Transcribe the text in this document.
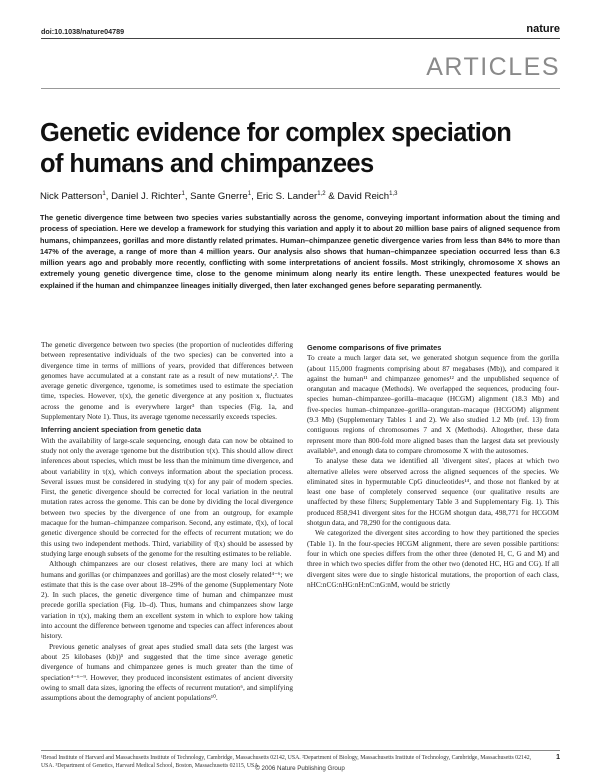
doi:10.1038/nature04789	nature
ARTICLES
Genetic evidence for complex speciation of humans and chimpanzees
Nick Patterson$^1$, Daniel J. Richter$^1$, Sante Gnerre$^1$, Eric S. Lander$^{1,2}$ & David Reich$^{1,3}$
The genetic divergence time between two species varies substantially across the genome, conveying important information about the timing and process of speciation. Here we develop a framework for studying this variation and apply it to about 20 million base pairs of aligned sequence from humans, chimpanzees, gorillas and more distantly related primates. Human–chimpanzee genetic divergence varies from less than 84% to more than 147% of the average, a range of more than 4 million years. Our analysis also shows that human–chimpanzee speciation occurred less than 6.3 million years ago and probably more recently, conflicting with some interpretations of ancient fossils. Most strikingly, chromosome X shows an extremely young genetic divergence time, close to the genome minimum along nearly its entire length. These unexpected features would be explained if the human and chimpanzee lineages initially diverged, then later exchanged genes before separating permanently.

The genetic divergence between two species (the proportion of nucleotides differing between representative individuals of the two species) can be converted into a divergence time in terms of millions of years, provided that differences between genomes have accumulated at a constant rate as a result of new mutations¹,². The average genetic divergence, τgenome, is sometimes used to estimate the speciation time, τspecies. However, τ(x), the genetic divergence at any position x, fluctuates across the genome and is everywhere larger³ than τspecies (Fig. 1a, and Supplementary Note 1). Thus, its average τgenome necessarily exceeds τspecies.

Inferring ancient speciation from genetic data

With the availability of large-scale sequencing, enough data can now be obtained to study not only the average τgenome but the distribution τ(x). This should allow direct inferences about τspecies, which must be less than the minimum time divergence, and about variability in τ(x), which conveys information about the speciation process. Several issues must be considered in studying τ(x) for any pair of modern species. First, the genetic divergence should be corrected for local variation in the neutral mutation rates across the genome. This can be done by dividing the local divergence between two species by the divergence of one from an outgroup, for example macaque for the human–chimpanzee comparison. Second, any estimate, τ̂(x), of local genetic divergence should be corrected for the effects of recurrent mutation; we do this using two independent methods. Third, variability of τ̂(x) should be assessed by studying large enough subsets of the genome for the resulting estimates to be reliable.

Although chimpanzees are our closest relatives, there are many loci at which humans and gorillas (or chimpanzees and gorillas) are the most closely related⁴⁻⁶; we estimate that this is the case over about 18–29% of the genome (Supplementary Note 2). In such places, the genetic divergence time of human and chimpanzee must precede gorilla speciation (Fig. 1b–d). Thus, humans and chimpanzees show large variation in τ(x), making them an excellent system in which to explore how taking into account the difference between τgenome and τspecies can affect inferences about history.

Previous genetic analyses of great apes studied small data sets (the largest was about 25 kilobases (kb))⁵ and suggested that the time since average genetic divergence of humans and chimpanzee genes is much greater than the time of speciation⁴⁻⁶⁻⁹. However, they produced inconsistent estimates of ancient diversity owing to small data sizes, ignoring the effects of recurrent mutation⁶, and simplifying assumptions about the demography of ancient populations¹⁰.

Genome comparisons of five primates

To create a much larger data set, we generated shotgun sequence from the gorilla (about 115,000 fragments comprising about 87 megabases (Mb)), and compared it against the human¹¹ and chimpanzee genomes¹² and the unpublished sequence of orangutan and macaque (Methods). We overlapped the sequences, producing four-species human–chimpanzee–gorilla–macaque (HCGM) alignment (18.3 Mb) and five-species human–chimpanzee–gorilla–orangutan–macaque (HCGOM) alignment (9.3 Mb) (Supplementary Tables 1 and 2). We also studied 1.2 Mb (ref. 13) from contiguous regions of chromosomes 7 and X (Methods). Altogether, these data represent more than 800-fold more aligned bases than the largest data set previously available⁵, and enough data to compare chromosome X with the autosomes.

To analyse these data we identified all 'divergent sites', places at which two alternative alleles were observed across the aligned sequences of the species. We eliminated sites in hypermutable CpG dinucleotides¹⁴, and those not flanked by at least one base of completely conserved sequence (our qualitative results are unaffected by these filters; Supplementary Table 3 and Supplementary Fig. 1). This produced 858,941 divergent sites for the HCGM shotgun data, 498,771 for HCGOM shotgun data, and 78,290 for the contiguous data.

We categorized the divergent sites according to how they partitioned the species (Table 1). In the four-species HCGM alignment, there are seven possible partitions: four in which one species differs from the other three (denoted H, C, G and M) and three in which two species differ from the other two (denoted HC, HG and CG). If all divergent sites were due to single historical mutations, the proportion of each class, nHC:nCG:nHG:nH:nC:nG:nM, would be strictly

¹Broad Institute of Harvard and Massachusetts Institute of Technology, Cambridge, Massachusetts 02142, USA. ²Department of Biology, Massachusetts Institute of Technology, Cambridge, Massachusetts 02142, USA. ³Department of Genetics, Harvard Medical School, Boston, Massachusetts 02115, USA.
1
© 2006 Nature Publishing Group
